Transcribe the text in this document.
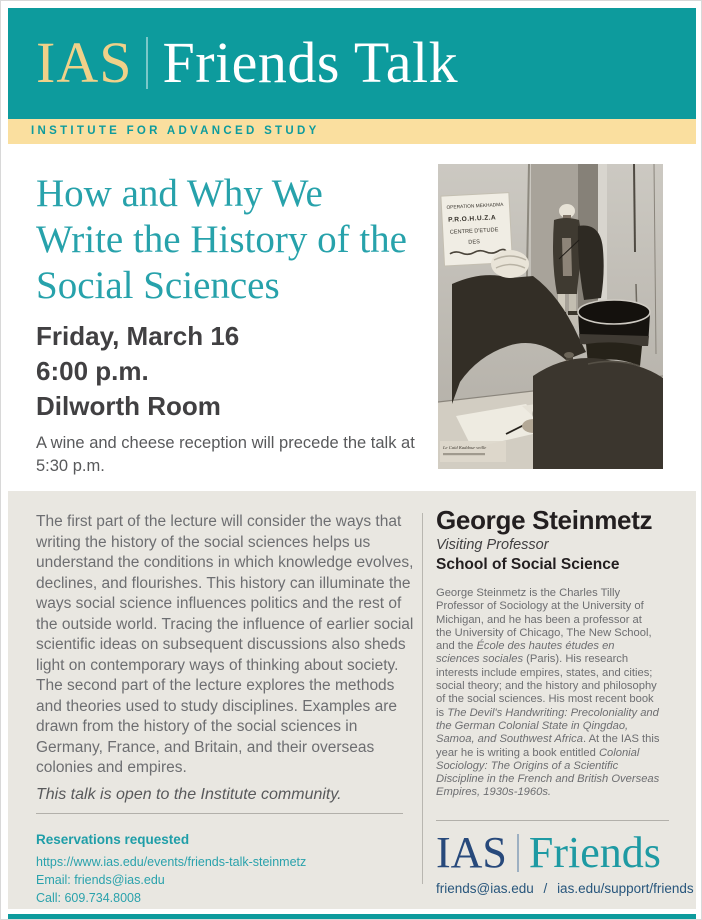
IAS Friends Talk
INSTITUTE FOR ADVANCED STUDY
How and Why We
Write the History of the
Social Sciences
Friday, March 16
6:00 p.m.
Dilworth Room
A wine and cheese reception will precede the talk at 5:30 p.m.
OPERATION MEKHADMA
P.R.O.H.U.Z.A
CENTRE D'ETUDE
DES
Le Caïd Kaddour veille
The first part of the lecture will consider the ways that writing the history of the social sciences helps us understand the conditions in which knowledge evolves, declines, and flourishes. This history can illuminate the ways social science influences politics and the rest of the outside world. Tracing the influence of earlier social scientific ideas on subsequent discussions also sheds light on contemporary ways of thinking about society. The second part of the lecture explores the methods and theories used to study disciplines. Examples are drawn from the history of the social sciences in Germany, France, and Britain, and their overseas colonies and empires.
This talk is open to the Institute community.
Reservations requested
https://www.ias.edu/events/friends-talk-steinmetz
Email: friends@ias.edu
Call: 609.734.8008
George Steinmetz
Visiting Professor
School of Social Science
George Steinmetz is the Charles Tilly Professor of Sociology at the University of Michigan, and he has been a professor at the University of Chicago, The New School, and the École des hautes études en sciences sociales (Paris). His research interests include empires, states, and cities; social theory; and the history and philosophy of the social sciences. His most recent book is The Devil's Handwriting: Precoloniality and the German Colonial State in Qingdao, Samoa, and Southwest Africa. At the IAS this year he is writing a book entitled Colonial Sociology: The Origins of a Scientific Discipline in the French and British Overseas Empires, 1930s-1960s.
IAS Friends
friends@ias.edu / ias.edu/support/friends
